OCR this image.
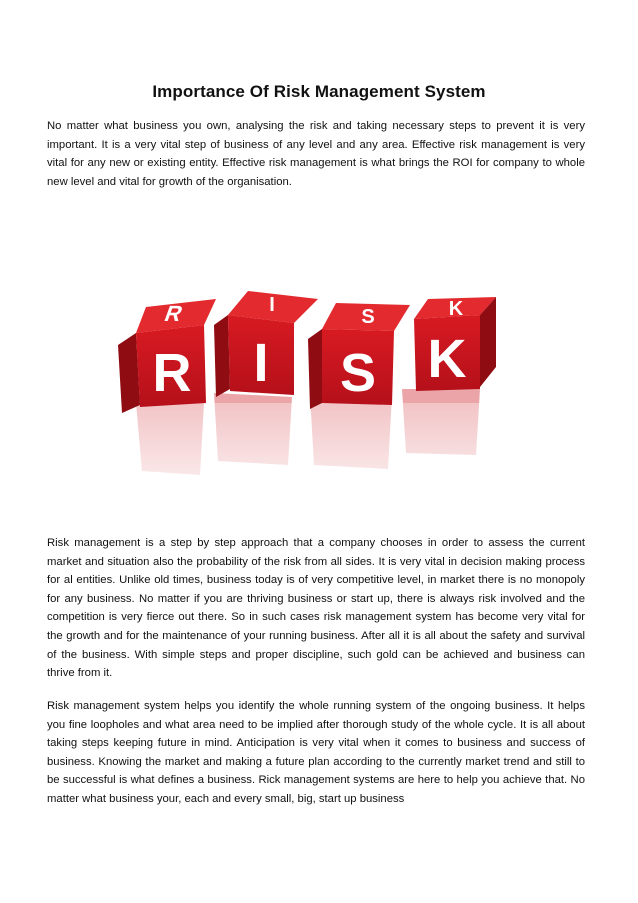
Importance Of Risk Management System

No matter what business you own, analysing the risk and taking necessary steps to prevent it is very important. It is a very vital step of business of any level and any area. Effective risk management is very vital for any new or existing entity. Effective risk management is what brings the ROI for company to whole new level and vital for growth of the organisation.

R
R
I
I
S
S
K
K

Risk management is a step by step approach that a company chooses in order to assess the current market and situation also the probability of the risk from all sides. It is very vital in decision making process for al entities. Unlike old times, business today is of very competitive level, in market there is no monopoly for any business. No matter if you are thriving business or start up, there is always risk involved and the competition is very fierce out there. So in such cases risk management system has become very vital for the growth and for the maintenance of your running business. After all it is all about the safety and survival of the business. With simple steps and proper discipline, such gold can be achieved and business can thrive from it.

Risk management system helps you identify the whole running system of the ongoing business. It helps you fine loopholes and what area need to be implied after thorough study of the whole cycle. It is all about taking steps keeping future in mind. Anticipation is very vital when it comes to business and success of business. Knowing the market and making a future plan according to the currently market trend and still to be successful is what defines a business. Rick management systems are here to help you achieve that. No matter what business your, each and every small, big, start up business
